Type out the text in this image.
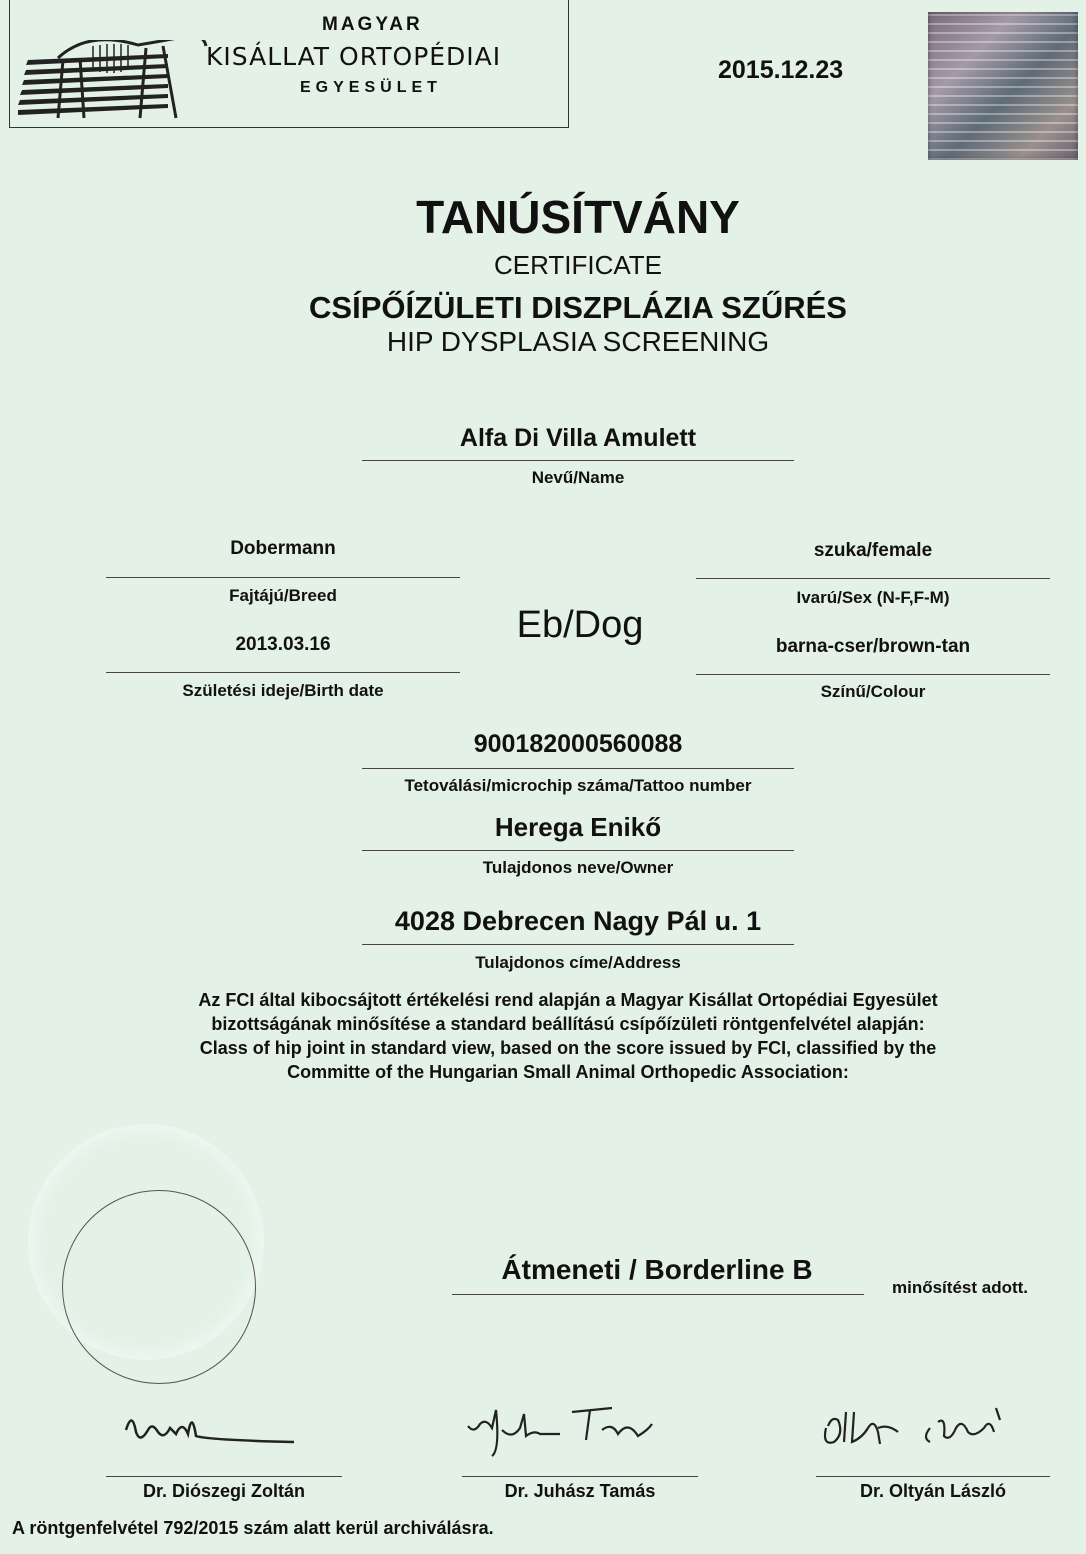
MAGYAR
KISÁLLAT ORTOPÉDIAI
EGYESÜLET
2015.12.23
TANÚSÍTVÁNY
CERTIFICATE
CSÍPŐÍZÜLETI DISZPLÁZIA SZŰRÉS
HIP DYSPLASIA SCREENING
Alfa Di Villa Amulett
Nevű/Name
Dobermann
Fajtájú/Breed
szuka/female
Ivarú/Sex (N-F,F-M)
Eb/Dog
2013.03.16
Születési ideje/Birth date
barna-cser/brown-tan
Színű/Colour
900182000560088
Tetoválási/microchip száma/Tattoo number
Herega Enikő
Tulajdonos neve/Owner
4028 Debrecen Nagy Pál u. 1
Tulajdonos címe/Address
Az FCI által kibocsájtott értékelési rend alapján a Magyar Kisállat Ortopédiai Egyesület
bizottságának minősítése a standard beállítású csípőízületi röntgenfelvétel alapján:
Class of hip joint in standard view, based on the score issued by FCI, classified by the
Committe of the Hungarian Small Animal Orthopedic Association:
Átmeneti / Borderline B
minősítést adott.
Dr. Diószegi Zoltán	Dr. Juhász Tamás	Dr. Oltyán László
A röntgenfelvétel 792/2015 szám alatt kerül archiválásra.
